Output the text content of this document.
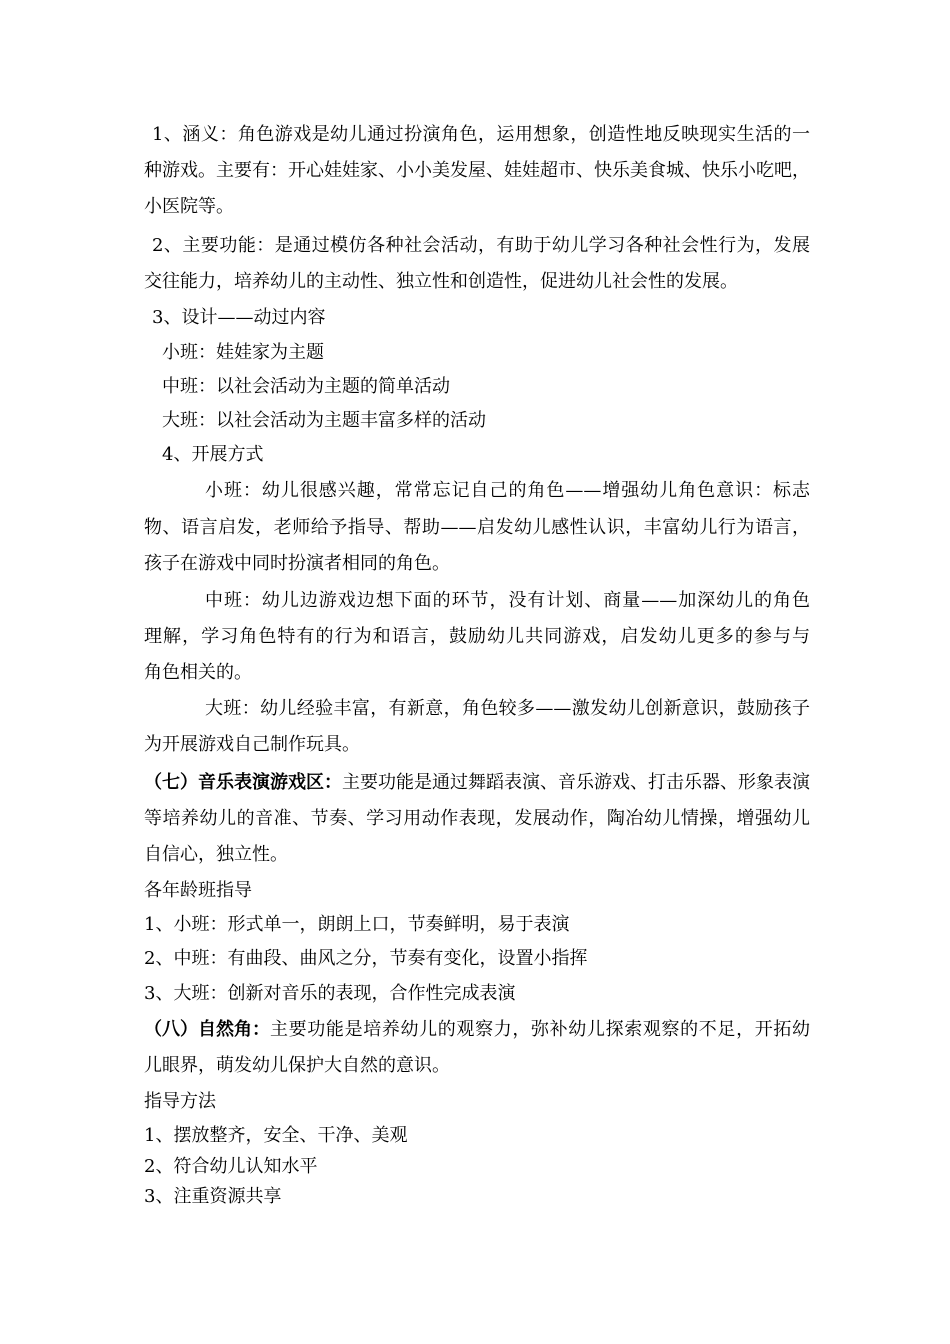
1、涵义：角色游戏是幼儿通过扮演角色，运用想象，创造性地反映现实生活的一
种游戏。主要有：开心娃娃家、小小美发屋、娃娃超市、快乐美食城、快乐小吃吧，
小医院等。
2、主要功能：是通过模仿各种社会活动，有助于幼儿学习各种社会性行为，发展
交往能力，培养幼儿的主动性、独立性和创造性，促进幼儿社会性的发展。
3、设计——动过内容
小班：娃娃家为主题
中班：以社会活动为主题的简单活动
大班：以社会活动为主题丰富多样的活动
4、开展方式
小班：幼儿很感兴趣，常常忘记自己的角色——增强幼儿角色意识：标志
物、语言启发，老师给予指导、帮助——启发幼儿感性认识，丰富幼儿行为语言，
孩子在游戏中同时扮演者相同的角色。
中班：幼儿边游戏边想下面的环节，没有计划、商量——加深幼儿的角色
理解，学习角色特有的行为和语言，鼓励幼儿共同游戏，启发幼儿更多的参与与
角色相关的。
大班：幼儿经验丰富，有新意，角色较多——激发幼儿创新意识，鼓励孩子
为开展游戏自己制作玩具。
（七）音乐表演游戏区： 主要功能是通过舞蹈表演、音乐游戏、打击乐器、形象表演
等培养幼儿的音准、节奏、学习用动作表现，发展动作，陶冶幼儿情操，增强幼儿
自信心，独立性。
各年龄班指导
1、小班：形式单一，朗朗上口，节奏鲜明，易于表演
2、中班：有曲段、曲风之分，节奏有变化，设置小指挥
3、大班：创新对音乐的表现，合作性完成表演
（八）自然角： 主要功能是培养幼儿的观察力，弥补幼儿探索观察的不足，开拓幼
儿眼界，萌发幼儿保护大自然的意识。
指导方法
1、摆放整齐，安全、干净、美观
2、符合幼儿认知水平
3、注重资源共享
